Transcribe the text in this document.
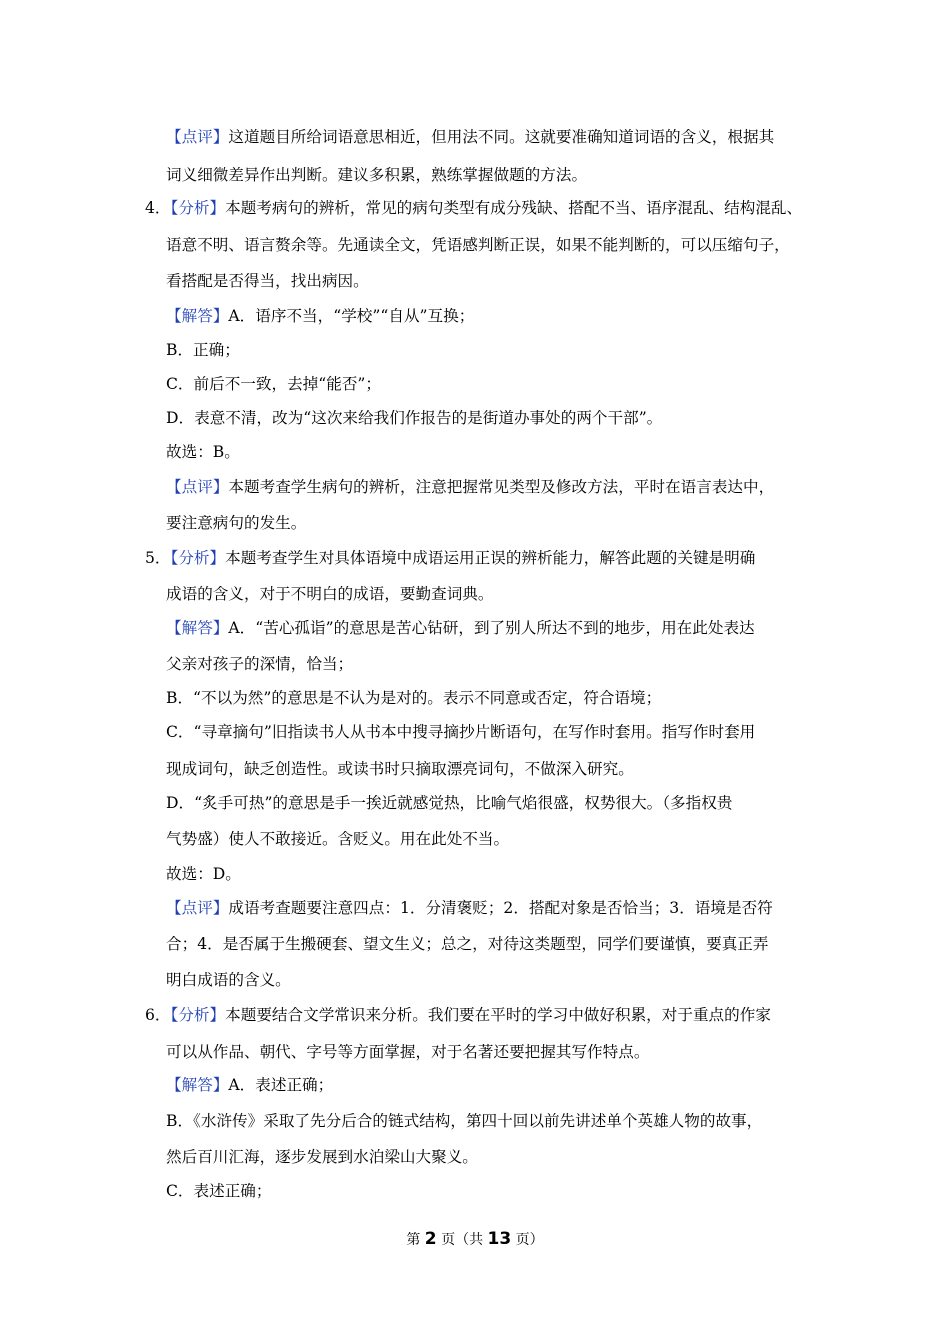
【点评】这道题目所给词语意思相近，但用法不同。这就要准确知道词语的含义，根据其
词义细微差异作出判断。建议多积累，熟练掌握做题的方法。
4．【分析】本题考病句的辨析，常见的病句类型有成分残缺、搭配不当、语序混乱、结构混乱、
语意不明、语言赘余等。先通读全文，凭语感判断正误，如果不能判断的，可以压缩句子，
看搭配是否得当，找出病因。
【解答】A．语序不当，“学校”“自从”互换；
B．正确；
C．前后不一致，去掉“能否”；
D．表意不清，改为“这次来给我们作报告的是街道办事处的两个干部”。
故选：B。
【点评】本题考查学生病句的辨析，注意把握常见类型及修改方法，平时在语言表达中，
要注意病句的发生。
5．【分析】本题考查学生对具体语境中成语运用正误的辨析能力，解答此题的关键是明确
成语的含义，对于不明白的成语，要勤查词典。
【解答】A．“苦心孤诣”的意思是苦心钻研，到了别人所达不到的地步，用在此处表达
父亲对孩子的深情，恰当；
B．“不以为然”的意思是不认为是对的。表示不同意或否定，符合语境；
C．“寻章摘句”旧指读书人从书本中搜寻摘抄片断语句，在写作时套用。指写作时套用
现成词句，缺乏创造性。或读书时只摘取漂亮词句，不做深入研究。
D．“炙手可热”的意思是手一挨近就感觉热，比喻气焰很盛，权势很大。（多指权贵
气势盛）使人不敢接近。含贬义。用在此处不当。
故选：D。
【点评】成语考查题要注意四点：1．分清褒贬；2．搭配对象是否恰当；3．语境是否符
合；4．是否属于生搬硬套、望文生义；总之，对待这类题型，同学们要谨慎，要真正弄
明白成语的含义。
6．【分析】本题要结合文学常识来分析。我们要在平时的学习中做好积累，对于重点的作家
可以从作品、朝代、字号等方面掌握，对于名著还要把握其写作特点。
【解答】A．表述正确；
B．《水浒传》采取了先分后合的链式结构，第四十回以前先讲述单个英雄人物的故事，
然后百川汇海，逐步发展到水泊梁山大聚义。
C．表述正确；
第 2 页（共 13 页）
